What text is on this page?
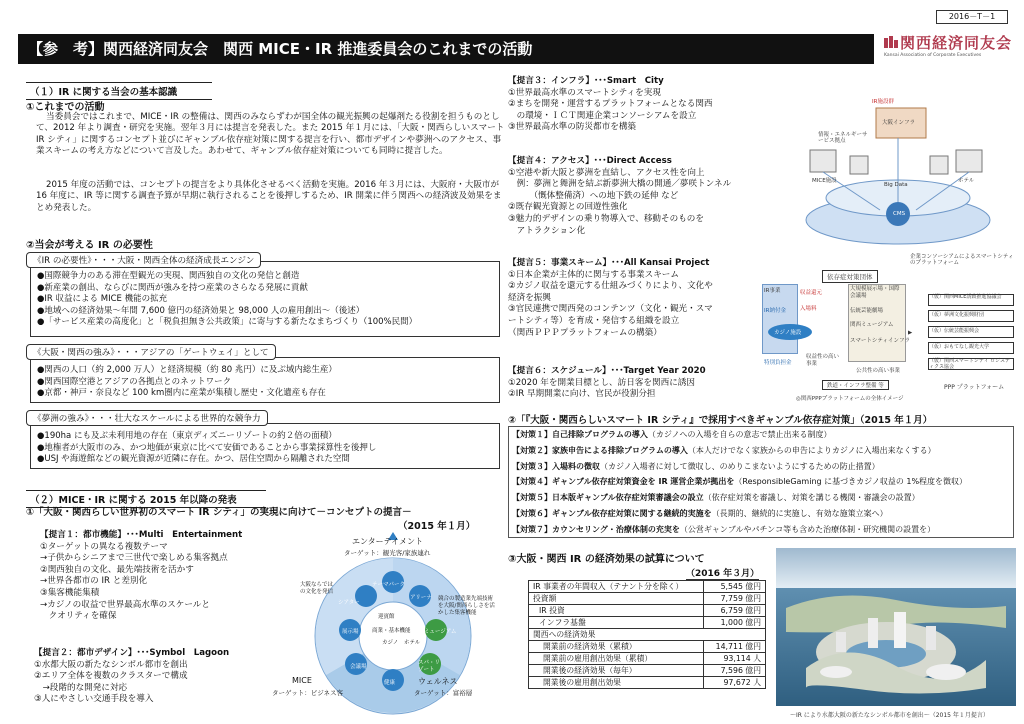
2016－T－1
【参　考】関西経済同友会　関西 MICE・IR 推進委員会のこれまでの活動	関西経済同友会
Kansai Association of Corporate Executives
（１）IR に関する当会の基本認識
①これまでの活動
当委員会ではこれまで、MICE・IR の整備は、関西のみならずわが国全体の観光振興の起爆剤たる役割を担うものとして、2012 年より調査・研究を実施。翌年３月には提言を発表した。また 2015 年１月には、「大阪・関西らしいスマート IR シティ」に関するコンセプト並びにギャンブル依存症対策に関する提言を行い、都市デザインや夢洲へのアクセス、事業スキームの考え方などについて言及した。あわせて、ギャンブル依存症対策についても同時に提言した。
2015 年度の活動では、コンセプトの提言をより具体化させるべく活動を実施。2016 年３月には、大阪府・大阪市が 16 年度に、IR 等に関する調査予算が早期に執行されることを後押しするため、IR 開業に伴う関西への経済波及効果をまとめ発表した。
②当会が考える IR の必要性

●国際競争力のある滞在型観光の実現、関西独自の文化の発信と創造

●新産業の創出、ならびに関西が強みを持つ産業のさらなる発展に貢献

●IR 収益による MICE 機能の拡充

●地域への経済効果～年間 7,600 億円の経済効果と 98,000 人の雇用創出～（後述）

●「サービス産業の高度化」と「税負担無き公共政策」に寄与する新たなまちづくり（100%民間）

《IR の必要性》・・・大阪・関西全体の経済成長エンジン

●関西の人口（約 2,000 万人）と経済規模（約 80 兆円）に及ぶ域内総生産）

●関西国際空港とアジアの各拠点とのネットワーク

●京都・神戸・奈良など 100 km圏内に産業が集積し歴史・文化遺産も存在

《大阪・関西の強み》・・・アジアの「ゲートウェイ」として

●190ha にも及ぶ未利用地の存在（東京ディズニーリゾートの約２倍の面積）

●地権者が大阪市のみ、かつ地価が東京に比べて安価であることから事業採算性を後押し

●USJ や海遊館などの観光資源が近隣に存在。かつ、居住空間から隔離された空間

《夢洲の強み》・・・壮大なスケールによる世界的な競争力
（２）MICE・IR に関する 2015 年以降の発表
①「大阪・関西らしい世界初のスマート IR シティ」の実現に向けて－コンセプトの提言－
（2015 年１月）

【提言１：都市機能】･･･Multi　Entertainment

①ターゲットの異なる複数テーマ

→子供からシニアまで三世代で楽しめる集客拠点

②関西独自の文化、最先端技術を活かす

→世界各都市の IR と差別化

③集客機能集積

→カジノの収益で世界最高水準のスケールと

　クオリティを確保

【提言２：都市デザイン】･･･Symbol　Lagoon

①水都大阪の新たなシンボル都市を創出

②エリア全体を複数のクラスターで構成

　→段階的な開発に対応

③人にやさしい交通手段を導入

エンターテイメント
ターゲット：観光客/家族連れ
テーマパーク
アリーナ
ミュージアム
スパ・リゾート
健康
会議場
展示場
迎賓館
シアター
商業・基本機能
カジノ ホテル
大阪ならではの文化を発信
競合の製造業先端技術を大阪/関西らしさを活かした集客機能
MICE
ターゲット：ビジネス客
ウェルネス
ターゲット：富裕層

【提言３：インフラ】･･･Smart　City

①世界最高水準のスマートシティを実現

②まちを開発・運営するプラットフォームとなる関西

　の環境・ＩＣＴ関連企業コンソーシアムを設立

③世界最高水準の防災都市を構築

【提言４：アクセス】･･･Direct Access

①空港や新大阪と夢洲を直結し、アクセス性を向上

　例：夢洲と舞洲を結ぶ新夢洲大橋の開通／夢咲トンネル

　　　（慨体整備済）への地下鉄の延伸 など

②既存観光資源との回遊性強化

③魅力的デザインの乗り物導入で、移動そのものを

　アトラクション化

【提言５：事業スキーム】･･･All Kansai Project

①日本企業が主体的に関与する事業スキーム

②カジノ収益を還元する仕組みづくりにより、文化や

経済を振興

③官民連携で関西発のコンテンツ（文化・観光・スマ

ートシティ等）を育成・発信する組織を設立

（関西ＰＰＰプラットフォームの構築）

【提言６：スケジュール】･･･Target Year 2020

①2020 年を開業目標とし、訪日客を関西に誘因

②IR 早期開業に向け、官民が役割分担

IR施設群
情報・エネルギーサービス拠点
大阪インフラ
CMS
MICE施設	ホテル
Big Data
企業コンソーシアムによるスマートシティのプラットフォーム
依存症対策団体
IR事業
IR納付金
カジノ施設
特別負担金
収益還元
入場料
大規模展示場・国際会議場
伝統芸能劇場
関西ミュージアム
スマートシティインフラ
収益性の高い事業
公共性の高い事業
鉄道・インフラ整備 等
▶
（仮）関西MICE誘致推進協議会
（仮）夢洲文化振興財団
（仮）伝統芸能振興会
（仮）おもてなし観光大学
（仮）関西スマートシティ ロジスティクス協会
PPP プラットフォーム
◎関西PPPプラットフォームの全体イメージ
②「『大阪・関西らしいスマート IR シティ』で採用すべきギャンブル依存症対策」（2015 年１月）

【対策１】自己排除プログラムの導入（カジノへの入場を自らの意志で禁止出来る制度）

【対策２】家族申告による排除プログラムの導入（本人だけでなく家族からの申告によりカジノに入場出来なくする）

【対策３】入場料の徴収（カジノ入場者に対して徴収し、のめりこまないようにするための防止措置）

【対策４】ギャンブル依存症対策資金を IR 運営企業が拠出を（ResponsibleGaming に基づきカジノ収益の 1%程度を徴収）

【対策５】日本版ギャンブル依存症対策審議会の設立（依存症対策を審議し、対策を講じる機関・審議会の設置）

【対策６】ギャンブル依存症対策に関する継続的実施を（長期的、継続的に実施し、有効な施策立案へ）

【対策７】カウンセリング・治療体制の充実を（公営ギャンブルやパチンコ等も含めた治療体制・研究機関の設置を）

③大阪・関西 IR の経済効果の試算について
（2016 年３月）
IR 事業者の年間収入（テナント分を除く）	5,545 億円
投資額	7,759 億円
IR 投資	6,759 億円
インフラ基盤	1,000 億円
関西への経済効果	
開業前の経済効果（累積）	14,711 億円
開業前の雇用創出効果（累積）	93,114 人
開業後の経済効果（毎年）	7,596 億円
開業後の雇用創出効果	97,672 人
～IR により水都大阪の新たなシンボル都市を創出～（2015 年１月提言）
